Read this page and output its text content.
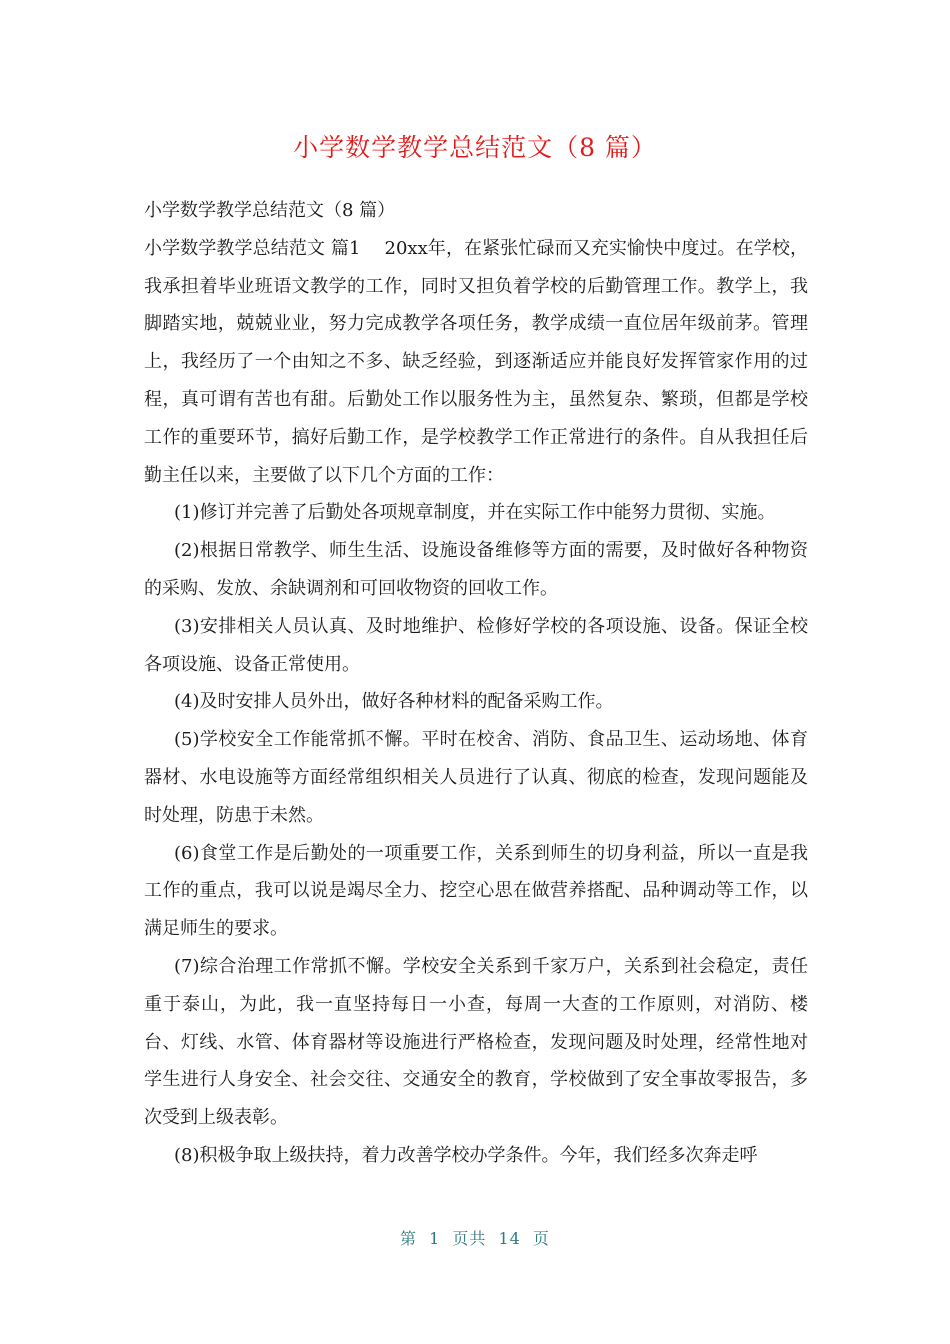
小学数学教学总结范文（8 篇）

小学数学教学总结范文（8 篇）

小学数学教学总结范文 篇1　 20xx年，在紧张忙碌而又充实愉快中度过。在学校，我承担着毕业班语文教学的工作，同时又担负着学校的后勤管理工作。教学上，我脚踏实地，兢兢业业，努力完成教学各项任务，教学成绩一直位居年级前茅。管理上，我经历了一个由知之不多、缺乏经验，到逐渐适应并能良好发挥管家作用的过程，真可谓有苦也有甜。后勤处工作以服务性为主，虽然复杂、繁琐，但都是学校工作的重要环节，搞好后勤工作，是学校教学工作正常进行的条件。自从我担任后勤主任以来，主要做了以下几个方面的工作：

(1)修订并完善了后勤处各项规章制度，并在实际工作中能努力贯彻、实施。

(2)根据日常教学、师生生活、设施设备维修等方面的需要，及时做好各种物资的采购、发放、余缺调剂和可回收物资的回收工作。

(3)安排相关人员认真、及时地维护、检修好学校的各项设施、设备。保证全校各项设施、设备正常使用。

(4)及时安排人员外出，做好各种材料的配备采购工作。

(5)学校安全工作能常抓不懈。平时在校舍、消防、食品卫生、运动场地、体育器材、水电设施等方面经常组织相关人员进行了认真、彻底的检查，发现问题能及时处理，防患于未然。

(6)食堂工作是后勤处的一项重要工作，关系到师生的切身利益，所以一直是我工作的重点，我可以说是竭尽全力、挖空心思在做营养搭配、品种调动等工作，以满足师生的要求。

(7)综合治理工作常抓不懈。学校安全关系到千家万户，关系到社会稳定，责任重于泰山，为此，我一直坚持每日一小查，每周一大查的工作原则，对消防、楼台、灯线、水管、体育器材等设施进行严格检查，发现问题及时处理，经常性地对学生进行人身安全、社会交往、交通安全的教育，学校做到了安全事故零报告，多次受到上级表彰。

(8)积极争取上级扶持，着力改善学校办学条件。今年，我们经多次奔走呼

第 1 页共 14 页
